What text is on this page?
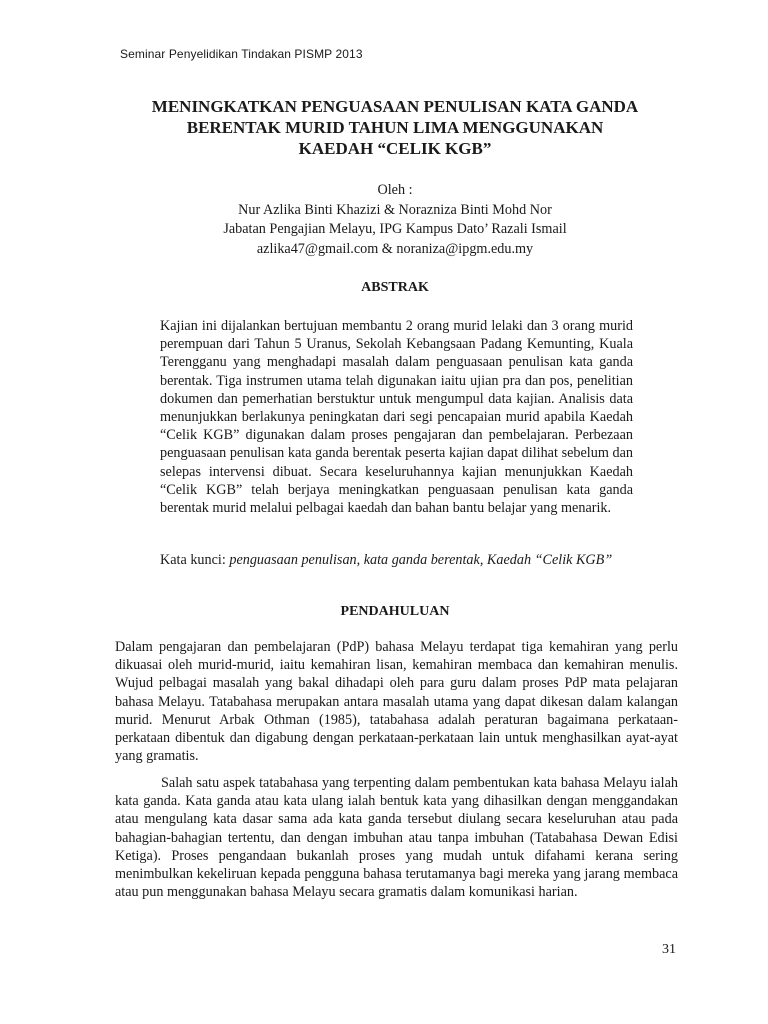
Seminar Penyelidikan Tindakan PISMP 2013
MENINGKATKAN PENGUASAAN PENULISAN KATA GANDA
BERENTAK MURID TAHUN LIMA MENGGUNAKAN
KAEDAH “CELIK KGB”
Oleh :
Nur Azlika Binti Khazizi & Norazniza Binti Mohd Nor
Jabatan Pengajian Melayu, IPG Kampus Dato’ Razali Ismail
azlika47@gmail.com & noraniza@ipgm.edu.my
ABSTRAK
Kajian ini dijalankan bertujuan membantu 2 orang murid lelaki dan 3 orang murid perempuan dari Tahun 5 Uranus, Sekolah Kebangsaan Padang Kemunting, Kuala Terengganu yang menghadapi masalah dalam penguasaan penulisan kata ganda berentak. Tiga instrumen utama telah digunakan iaitu ujian pra dan pos, penelitian dokumen dan pemerhatian berstuktur untuk mengumpul data kajian. Analisis data menunjukkan berlakunya peningkatan dari segi pencapaian murid apabila Kaedah “Celik KGB” digunakan dalam proses pengajaran dan pembelajaran. Perbezaan penguasaan penulisan kata ganda berentak peserta kajian dapat dilihat sebelum dan selepas intervensi dibuat. Secara keseluruhannya kajian menunjukkan Kaedah “Celik KGB” telah berjaya meningkatkan penguasaan penulisan kata ganda berentak murid melalui pelbagai kaedah dan bahan bantu belajar yang menarik.
Kata kunci: penguasaan penulisan, kata ganda berentak, Kaedah “Celik KGB”
PENDAHULUAN
Dalam pengajaran dan pembelajaran (PdP) bahasa Melayu terdapat tiga kemahiran yang perlu dikuasai oleh murid-murid, iaitu kemahiran lisan, kemahiran membaca dan kemahiran menulis. Wujud pelbagai masalah yang bakal dihadapi oleh para guru dalam proses PdP mata pelajaran bahasa Melayu. Tatabahasa merupakan antara masalah utama yang dapat dikesan dalam kalangan murid. Menurut Arbak Othman (1985), tatabahasa adalah peraturan bagaimana perkataan-perkataan dibentuk dan digabung dengan perkataan-perkataan lain untuk menghasilkan ayat-ayat yang gramatis.
Salah satu aspek tatabahasa yang terpenting dalam pembentukan kata bahasa Melayu ialah kata ganda. Kata ganda atau kata ulang ialah bentuk kata yang dihasilkan dengan menggandakan atau mengulang kata dasar sama ada kata ganda tersebut diulang secara keseluruhan atau pada bahagian-bahagian tertentu, dan dengan imbuhan atau tanpa imbuhan (Tatabahasa Dewan Edisi Ketiga). Proses pengandaan bukanlah proses yang mudah untuk difahami kerana sering menimbulkan kekeliruan kepada pengguna bahasa terutamanya bagi mereka yang jarang membaca atau pun menggunakan bahasa Melayu secara gramatis dalam komunikasi harian.
31
